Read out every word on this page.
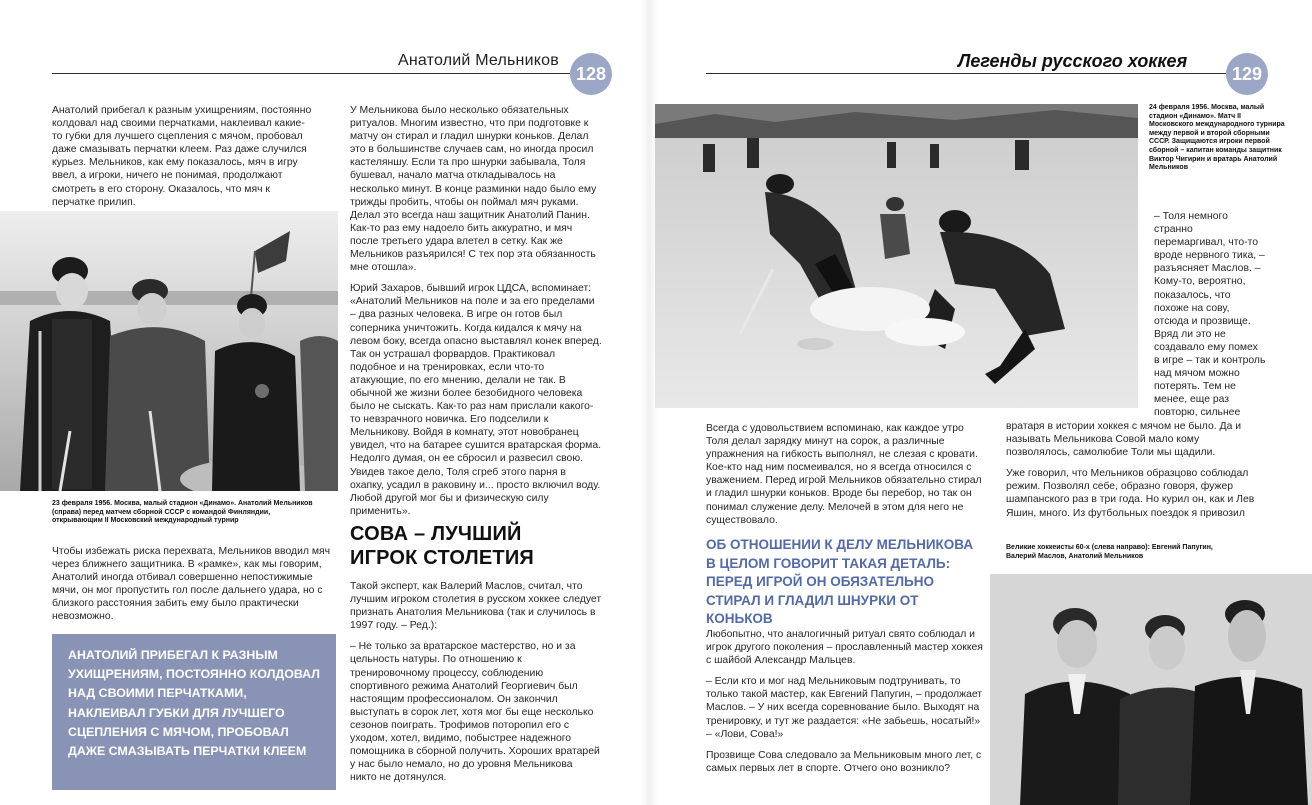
Анатолий Мельников
128

Анатолий прибегал к разным ухищрениям, постоянно колдовал над своими перчатками, наклеивал какие-то губки для лучшего сцепления с мячом, пробовал даже смазывать перчатки клеем. Раз даже случился курьез. Мельников, как ему показалось, мяч в игру ввел, а игроки, ничего не понимая, продолжают смотреть в его сторону. Оказалось, что мяч к перчатке прилип.

23 февраля 1956. Москва, малый стадион «Динамо». Анатолий Мельников (справа) перед матчем сборной СССР с командой Финляндии, открывающим II Московский международный турнир

Чтобы избежать риска перехвата, Мельников вводил мяч через ближнего защитника. В «рамке», как мы говорим, Анатолий иногда отбивал совершенно непостижимые мячи, он мог пропустить гол после дальнего удара, но с близкого расстояния забить ему было практически невозможно.

АНАТОЛИЙ ПРИБЕГАЛ К РАЗНЫМ УХИЩРЕНИЯМ, ПОСТОЯННО КОЛДОВАЛ НАД СВОИМИ ПЕРЧАТКАМИ, НАКЛЕИВАЛ ГУБКИ ДЛЯ ЛУЧШЕГО СЦЕПЛЕНИЯ С МЯЧОМ, ПРОБОВАЛ ДАЖЕ СМАЗЫВАТЬ ПЕРЧАТКИ КЛЕЕМ

У Мельникова было несколько обязательных ритуалов. Многим известно, что при подготовке к матчу он стирал и гладил шнурки коньков. Делал это в большинстве случаев сам, но иногда просил кастеляншу. Если та про шнурки забывала, Толя бушевал, начало матча откладывалось на несколько минут. В конце разминки надо было ему трижды пробить, чтобы он поймал мяч руками. Делал это всегда наш защитник Анатолий Панин. Как-то раз ему надоело бить аккуратно, и мяч после третьего удара влетел в сетку. Как же Мельников разъярился! С тех пор эта обязанность мне отошла».

Юрий Захаров, бывший игрок ЦДСА, вспоминает: «Анатолий Мельников на поле и за его пределами – два разных человека. В игре он готов был соперника уничтожить. Когда кидался к мячу на левом боку, всегда опасно выставлял конек вперед. Так он устрашал форвардов. Практиковал подобное и на тренировках, если что-то атакующие, по его мнению, делали не так. В обычной же жизни более безобидного человека было не сыскать. Как-то раз нам прислали какого-то невзрачного новичка. Его подселили к Мельникову. Войдя в комнату, этот новобранец увидел, что на батарее сушится вратарская форма. Недолго думая, он ее сбросил и развесил свою. Увидев такое дело, Толя сгреб этого парня в охапку, усадил в раковину и... просто включил воду. Любой другой мог бы и физическую силу применить».

СОВА – ЛУЧШИЙ ИГРОК СТОЛЕТИЯ

Такой эксперт, как Валерий Маслов, считал, что лучшим игроком столетия в русском хоккее следует признать Анатолия Мельникова (так и случилось в 1997 году. – Ред.):

– Не только за вратарское мастерство, но и за цельность натуры. По отношению к тренировочному процессу, соблюдению спортивного режима Анатолий Георгиевич был настоящим профессионалом. Он закончил выступать в сорок лет, хотя мог бы еще несколько сезонов поиграть. Трофимов поторопил его с уходом, хотел, видимо, побыстрее надежного помощника в сборной получить. Хороших вратарей у нас было немало, но до уровня Мельникова никто не дотянулся.

Легенды русского хоккея
129
24 февраля 1956. Москва, малый стадион «Динамо». Матч II Московского международного турнира между первой и второй сборными СССР. Защищаются игроки первой сборной – капитан команды защитник Виктор Чигирин и вратарь Анатолий Мельников

– Толя немного странно перемаргивал, что-то вроде нервного тика, – разъясняет Маслов. – Кому-то, вероятно, показалось, что похоже на сову, отсюда и прозвище. Вряд ли это не создавало ему помех в игре – так и контроль над мячом можно потерять. Тем не менее, еще раз повторю, сильнее

Всегда с удовольствием вспоминаю, как каждое утро Толя делал зарядку минут на сорок, а различные упражнения на гибкость выполнял, не слезая с кровати. Кое-кто над ним посмеивался, но я всегда относился с уважением. Перед игрой Мельников обязательно стирал и гладил шнурки коньков. Вроде бы перебор, но так он понимал служение делу. Мелочей в этом для него не существовало.

ОБ ОТНОШЕНИИ К ДЕЛУ МЕЛЬНИКОВА В ЦЕЛОМ ГОВОРИТ ТАКАЯ ДЕТАЛЬ: ПЕРЕД ИГРОЙ ОН ОБЯЗАТЕЛЬНО СТИРАЛ И ГЛАДИЛ ШНУРКИ ОТ КОНЬКОВ

Любопытно, что аналогичный ритуал свято соблюдал и игрок другого поколения – прославленный мастер хоккея с шайбой Александр Мальцев.

– Если кто и мог над Мельниковым подтрунивать, то только такой мастер, как Евгений Папугин, – продолжает Маслов. – У них всегда соревнование было. Выходят на тренировку, и тут же раздается: «Не забьешь, носатый!» – «Лови, Сова!»

Прозвище Сова следовало за Мельниковым много лет, с самых первых лет в спорте. Отчего оно возникло?

вратаря в истории хоккея с мячом не было. Да и называть Мельникова Совой мало кому позволялось, самолюбие Толи мы щадили.

Уже говорил, что Мельников образцово соблюдал режим. Позволял себе, образно говоря, фужер шампанского раз в три года. Но курил он, как и Лев Яшин, много. Из футбольных поездок я привозил

Великие хоккеисты 60-х (слева направо): Евгений Папугин, Валерий Маслов, Анатолий Мельников
